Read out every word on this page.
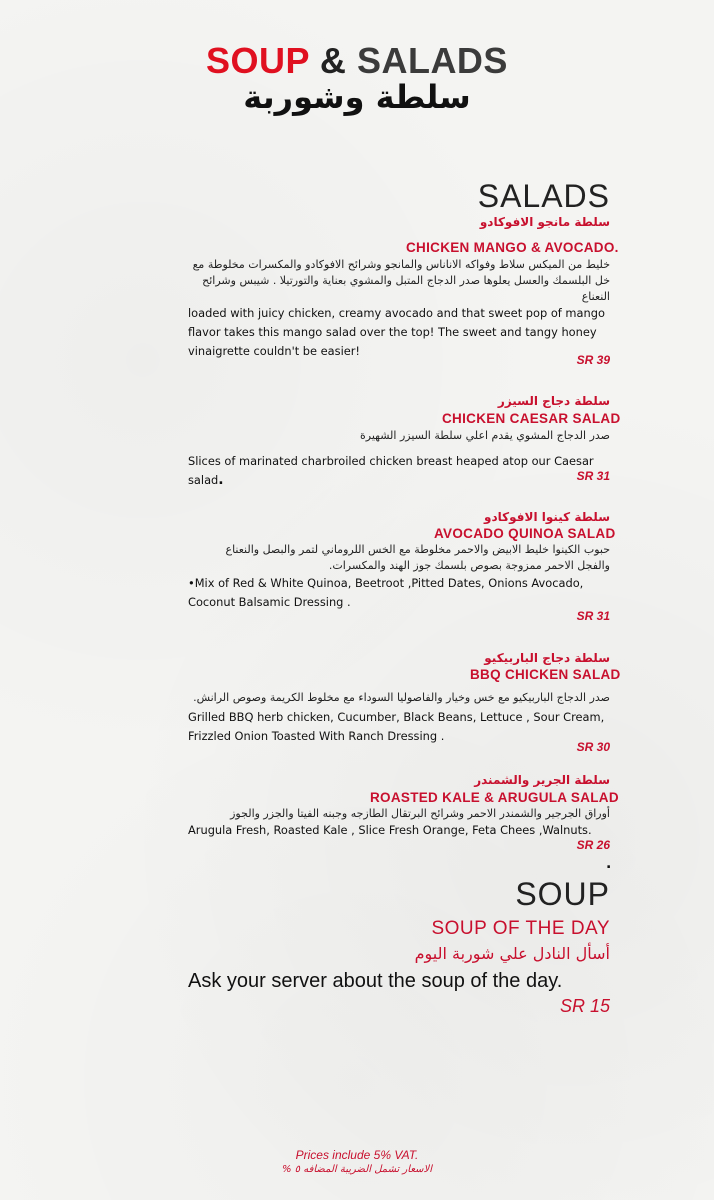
SOUP & SALADS
سلطة وشوربة
SALADS
سلطة مانجو الافوكادو
CHICKEN MANGO & AVOCADO.
خليط من الميكس سلاط وفواكه الاناناس والمانجو وشرائح الافوكادو والمكسرات مخلوطة مع خل البلسمك والعسل يعلوها صدر الدجاج المتبل والمشوي بعناية والتورتيلا . شيبس وشرائح النعناع
loaded with juicy chicken, creamy avocado and that sweet pop of mango flavor takes this mango salad over the top! The sweet and tangy honey vinaigrette couldn't be easier!
SR 39
سلطة دجاج السيزر
CHICKEN CAESAR SALAD
صدر الدجاج المشوي يقدم اعلي سلطة السيزر الشهيرة
Slices of marinated charbroiled chicken breast heaped atop our Caesar salad.	SR 31
سلطة كينوا الافوكادو
AVOCADO QUINOA SALAD
حبوب الكينوا خليط الابيض والاحمر مخلوطة مع الخس اللروماني لتمر والبصل والنعناع والفجل الاحمر ممزوجة بصوص بلسمك جوز الهند والمكسرات.
•Mix of Red & White Quinoa, Beetroot ,Pitted Dates, Onions Avocado, Coconut Balsamic Dressing .
SR 31
سلطة دجاج الباربيكيو
BBQ CHICKEN SALAD
صدر الدجاج الباربيكيو مع خس وخيار والفاصوليا السوداء مع مخلوط الكريمة وصوص الرانش.
Grilled BBQ herb chicken, Cucumber, Black Beans, Lettuce , Sour Cream, Frizzled Onion Toasted With Ranch Dressing .
SR 30
سلطة الجرير والشمندر
ROASTED KALE & ARUGULA SALAD
أوراق الجرجير والشمندر الاحمر وشرائح البرتقال الطازجه وجبنه الفيتا والجزر والجوز
Arugula Fresh, Roasted Kale , Slice Fresh Orange, Feta Chees ,Walnuts.
SR 26
.
SOUP
SOUP OF THE DAY
أسأل النادل علي شوربة اليوم
Ask your server about the soup of the day.
SR 15
Prices include 5% VAT.
الاسعار تشمل الضريبة المضافه ٥ %
